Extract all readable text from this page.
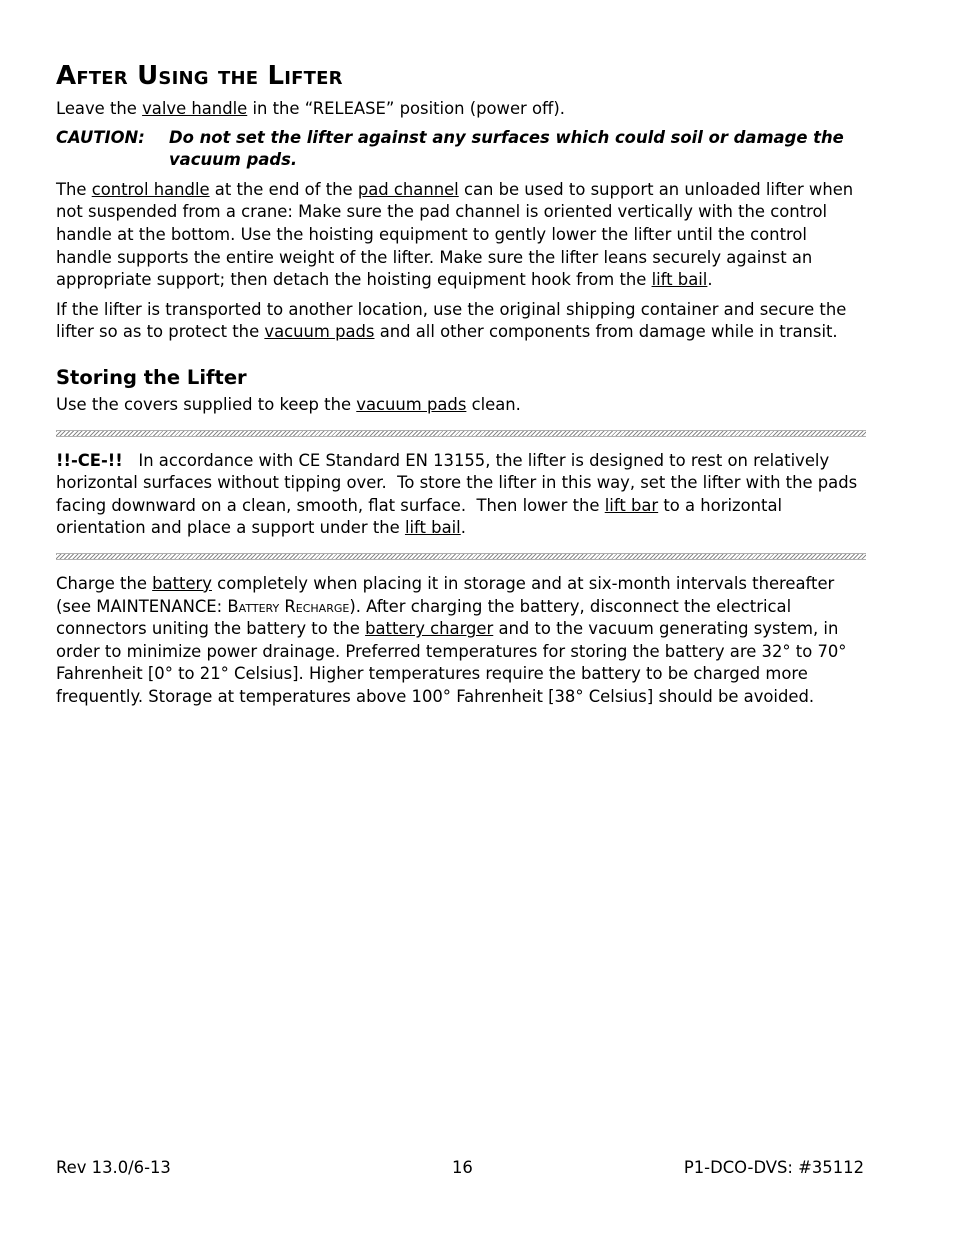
After Using the Lifter

Leave the valve handle in the “RELEASE” position (power off).

CAUTION: Do not set the lifter against any surfaces which could soil or damage the vacuum pads.

The control handle at the end of the pad channel can be used to support an unloaded lifter when not suspended from a crane: Make sure the pad channel is oriented vertically with the control handle at the bottom. Use the hoisting equipment to gently lower the lifter until the control handle supports the entire weight of the lifter. Make sure the lifter leans securely against an appropriate support; then detach the hoisting equipment hook from the lift bail.

If the lifter is transported to another location, use the original shipping container and secure the lifter so as to protect the vacuum pads and all other components from damage while in transit.

Storing the Lifter

Use the covers supplied to keep the vacuum pads clean.

!!-CE-!!   In accordance with CE Standard EN 13155, the lifter is designed to rest on relatively horizontal surfaces without tipping over.  To store the lifter in this way, set the lifter with the pads facing downward on a clean, smooth, flat surface.  Then lower the lift bar to a horizontal orientation and place a support under the lift bail.

Charge the battery completely when placing it in storage and at six-month intervals thereafter (see MAINTENANCE: Battery Recharge). After charging the battery, disconnect the electrical connectors uniting the battery to the battery charger and to the vacuum generating system, in order to minimize power drainage. Preferred temperatures for storing the battery are 32° to 70° Fahrenheit [0° to 21° Celsius]. Higher temperatures require the battery to be charged more frequently. Storage at temperatures above 100° Fahrenheit [38° Celsius] should be avoided.

Rev 13.0/6-13	16	P1-DCO-DVS: #35112
